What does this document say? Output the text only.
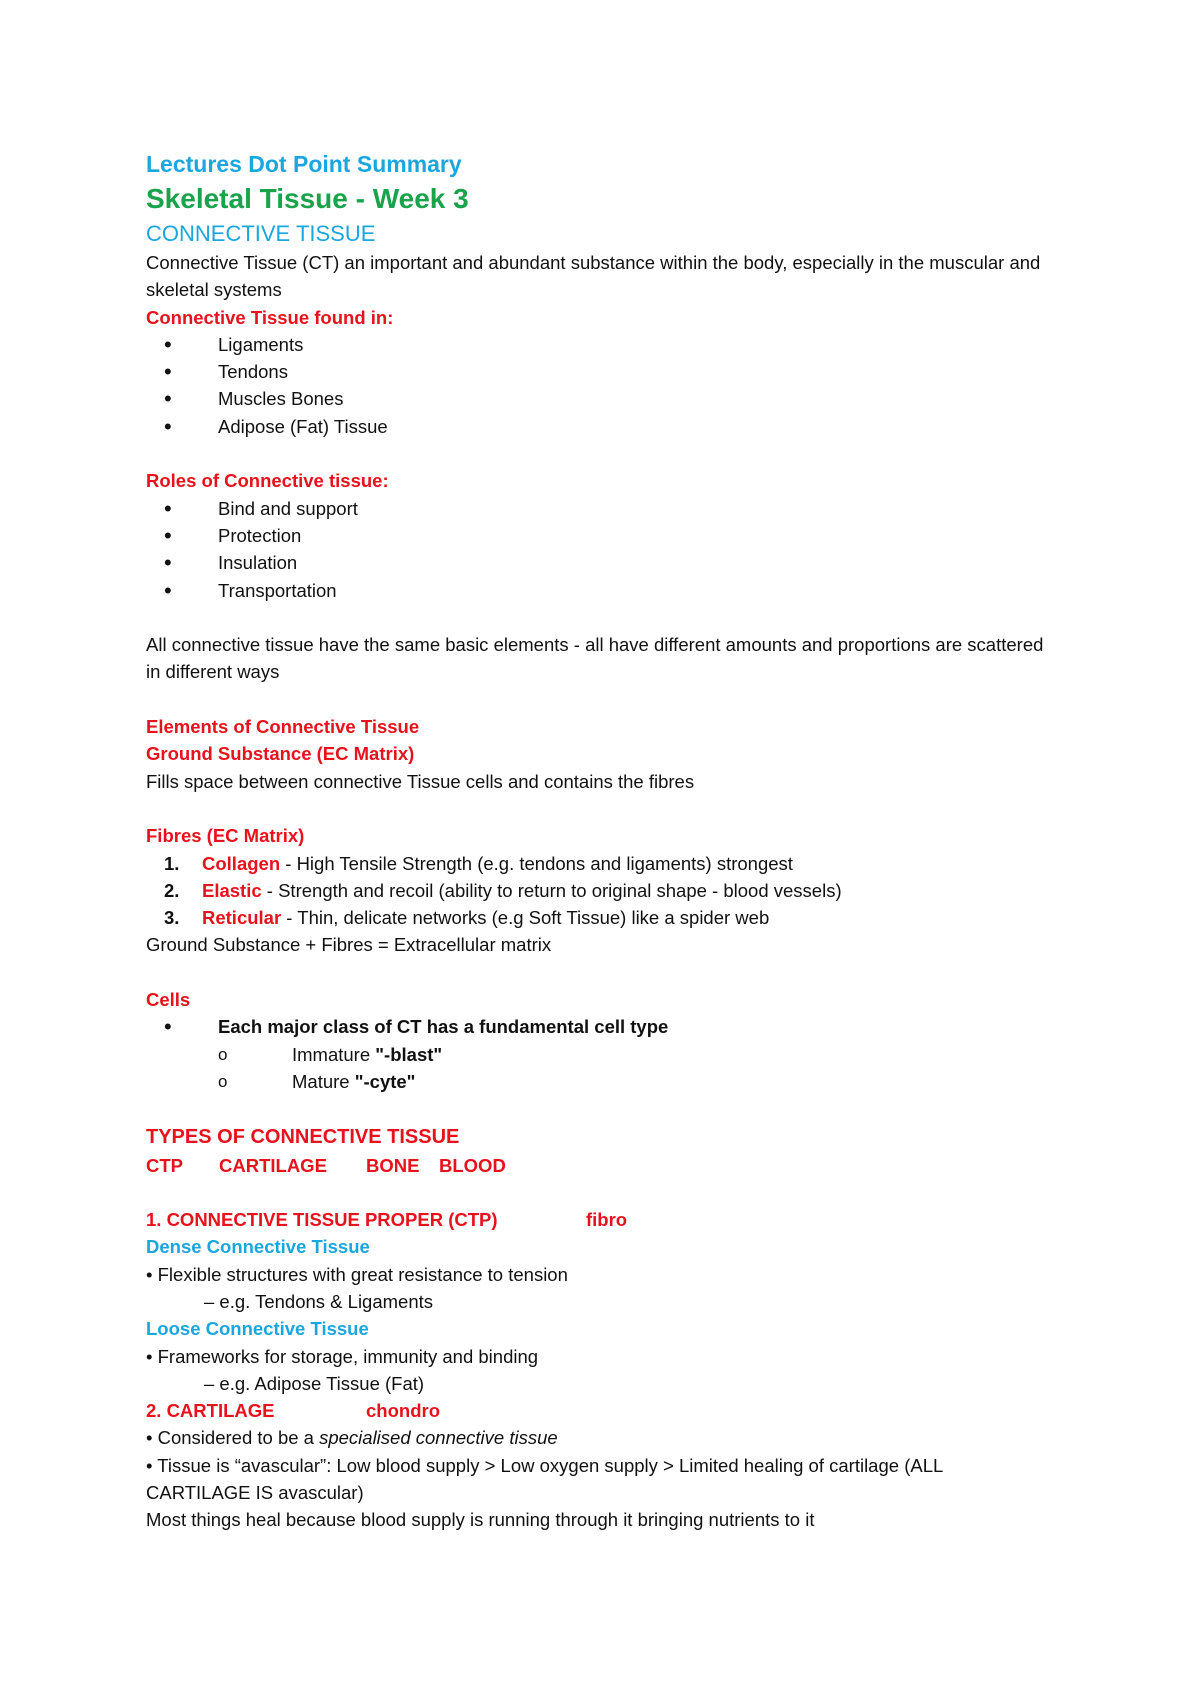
Lectures Dot Point Summary

Skeletal Tissue - Week 3

CONNECTIVE TISSUE

Connective Tissue (CT) an important and abundant substance within the body, especially in the muscular and skeletal systems

Connective Tissue found in:

•	Ligaments
•	Tendons
•	Muscles Bones
•	Adipose (Fat) Tissue

Roles of Connective tissue:

•	Bind and support
•	Protection
•	Insulation
•	Transportation

All connective tissue have the same basic elements - all have different amounts and proportions are scattered in different ways

Elements of Connective Tissue

Ground Substance (EC Matrix)

Fills space between connective Tissue cells and contains the fibres

Fibres (EC Matrix)

1. Collagen - High Tensile Strength (e.g. tendons and ligaments) strongest
2. Elastic - Strength and recoil (ability to return to original shape - blood vessels)
3. Reticular - Thin, delicate networks (e.g Soft Tissue) like a spider web

Ground Substance + Fibres = Extracellular matrix

Cells

•	Each major class of CT has a fundamental cell type
o	Immature "-blast"
o	Mature "-cyte"

TYPES OF CONNECTIVE TISSUE

CTP CARTILAGE BONE BLOOD

1. CONNECTIVE TISSUE PROPER (CTP)	fibro

Dense Connective Tissue

• Flexible structures with great resistance to tension

– e.g. Tendons & Ligaments

Loose Connective Tissue

• Frameworks for storage, immunity and binding

– e.g. Adipose Tissue (Fat)

2. CARTILAGE	chondro

• Considered to be a specialised connective tissue

• Tissue is “avascular”: Low blood supply > Low oxygen supply > Limited healing of cartilage (ALL CARTILAGE IS avascular)

Most things heal because blood supply is running through it bringing nutrients to it
